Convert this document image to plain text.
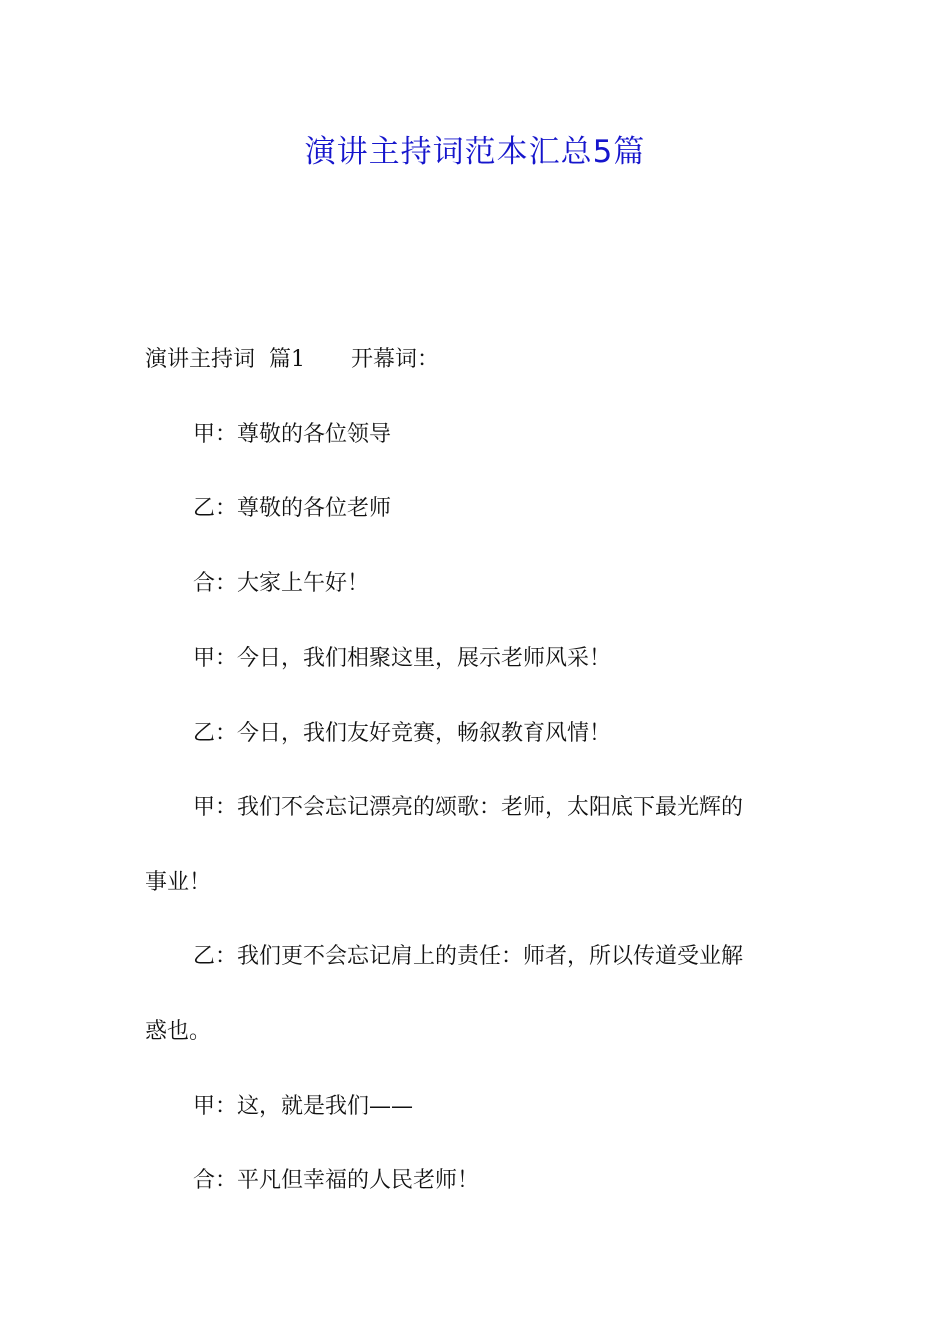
演讲主持词范本汇总5篇

演讲主持词 篇1 开幕词：

甲：尊敬的各位领导

乙：尊敬的各位老师

合：大家上午好！

甲：今日，我们相聚这里，展示老师风采！

乙：今日，我们友好竞赛，畅叙教育风情！

甲：我们不会忘记漂亮的颂歌：老师，太阳底下最光辉的

事业！

乙：我们更不会忘记肩上的责任：师者，所以传道受业解

惑也。

甲：这，就是我们——

合：平凡但幸福的人民老师！
